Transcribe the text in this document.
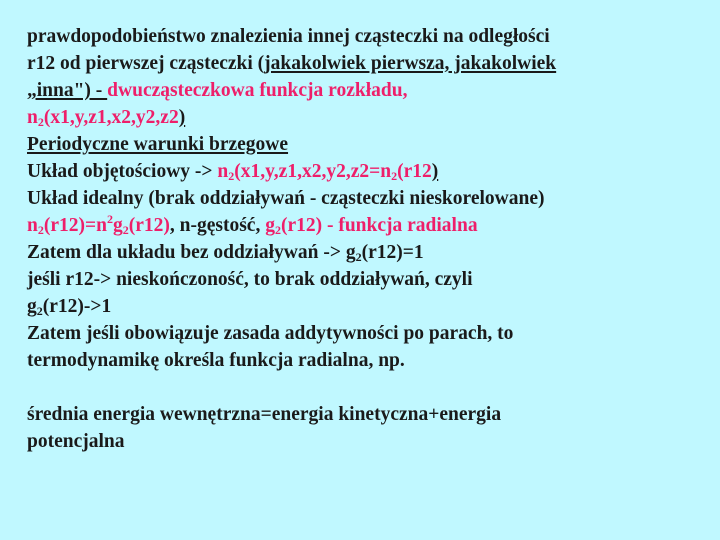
prawdopodobieństwo znalezienia innej cząsteczki na odległości
r12 od pierwszej cząsteczki (jakakolwiek pierwsza, jakakolwiek
„inna") - dwucząsteczkowa funkcja rozkładu,
$n_2(x1,y,z1,x2,y2,z2)$
Periodyczne warunki brzegowe
Układ objętościowy -> $n_2(x1,y,z1,x2,y2,z2=n_2(r12)$
Układ idealny (brak oddziaływań - cząsteczki nieskorelowane)
$n_2(r12)=n^2g_2(r12)$, n-gęstość, $g_2(r12)$ - funkcja radialna
Zatem dla układu bez oddziaływań -> $g_2(r12)=1$
jeśli r12-> nieskończoność, to brak oddziaływań, czyli
$g_2(r12)->1$
Zatem jeśli obowiązuje zasada addytywności po parach, to
termodynamikę określa funkcja radialna, np.
średnia energia wewnętrzna=energia kinetyczna+energia
potencjalna
